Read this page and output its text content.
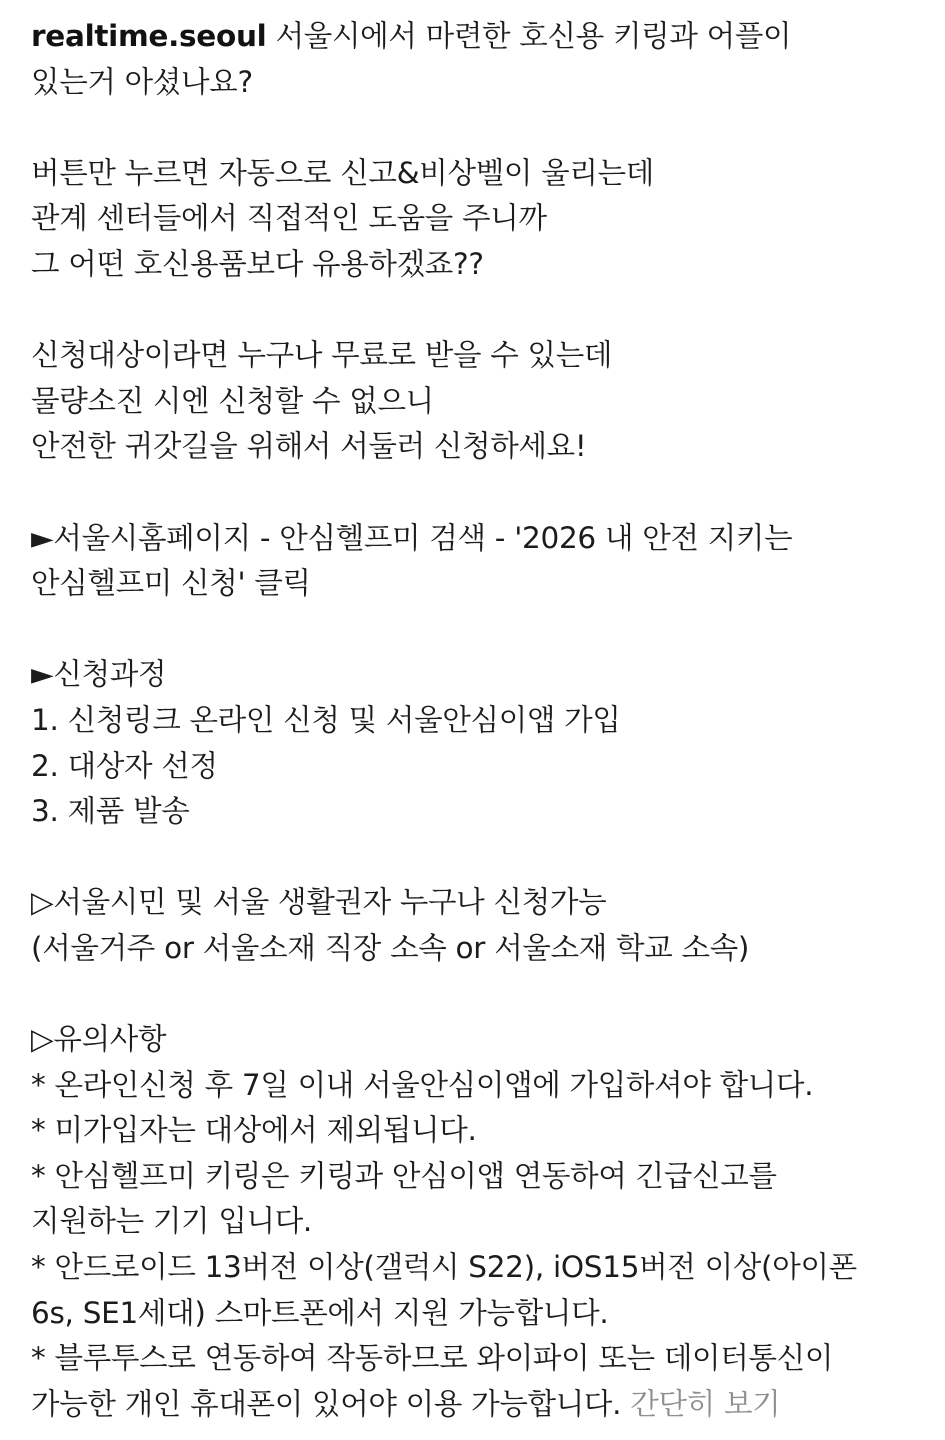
realtime.seoul 서울시에서 마련한 호신용 키링과 어플이
있는거 아셨나요?
버튼만 누르면 자동으로 신고&비상벨이 울리는데
관계 센터들에서 직접적인 도움을 주니까
그 어떤 호신용품보다 유용하겠죠??
신청대상이라면 누구나 무료로 받을 수 있는데
물량소진 시엔 신청할 수 없으니
안전한 귀갓길을 위해서 서둘러 신청하세요!
►서울시홈페이지 - 안심헬프미 검색 - '2026 내 안전 지키는
안심헬프미 신청' 클릭
►신청과정
1. 신청링크 온라인 신청 및 서울안심이앱 가입
2. 대상자 선정
3. 제품 발송
▷서울시민 및 서울 생활권자 누구나 신청가능
(서울거주 or 서울소재 직장 소속 or 서울소재 학교 소속)
▷유의사항
* 온라인신청 후 7일 이내 서울안심이앱에 가입하셔야 합니다.
* 미가입자는 대상에서 제외됩니다.
* 안심헬프미 키링은 키링과 안심이앱 연동하여 긴급신고를
지원하는 기기 입니다.
* 안드로이드 13버전 이상(갤럭시 S22), iOS15버전 이상(아이폰
6s, SE1세대) 스마트폰에서 지원 가능합니다.
* 블루투스로 연동하여 작동하므로 와이파이 또는 데이터통신이
가능한 개인 휴대폰이 있어야 이용 가능합니다. 간단히 보기
